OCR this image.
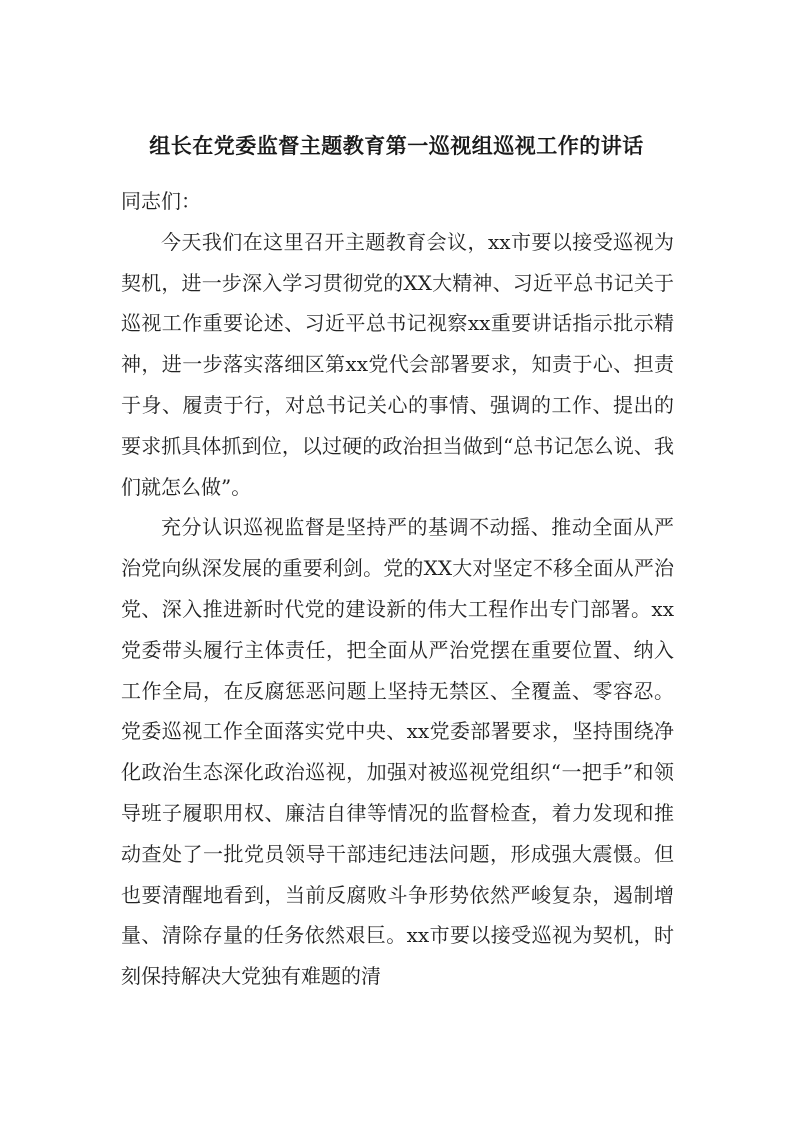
组长在党委监督主题教育第一巡视组巡视工作的讲话

同志们：

今天我们在这里召开主题教育会议，xx市要以接受巡视为契机，进一步深入学习贯彻党的XX大精神、习近平总书记关于巡视工作重要论述、习近平总书记视察xx重要讲话指示批示精神，进一步落实落细区第xx党代会部署要求，知责于心、担责于身、履责于行，对总书记关心的事情、强调的工作、提出的要求抓具体抓到位，以过硬的政治担当做到“总书记怎么说、我们就怎么做”。

充分认识巡视监督是坚持严的基调不动摇、推动全面从严治党向纵深发展的重要利剑。党的XX大对坚定不移全面从严治党、深入推进新时代党的建设新的伟大工程作出专门部署。xx党委带头履行主体责任，把全面从严治党摆在重要位置、纳入工作全局，在反腐惩恶问题上坚持无禁区、全覆盖、零容忍。党委巡视工作全面落实党中央、xx党委部署要求，坚持围绕净化政治生态深化政治巡视，加强对被巡视党组织“一把手”和领导班子履职用权、廉洁自律等情况的监督检查，着力发现和推动查处了一批党员领导干部违纪违法问题，形成强大震慑。但也要清醒地看到，当前反腐败斗争形势依然严峻复杂，遏制增量、清除存量的任务依然艰巨。xx市要以接受巡视为契机，时刻保持解决大党独有难题的清
